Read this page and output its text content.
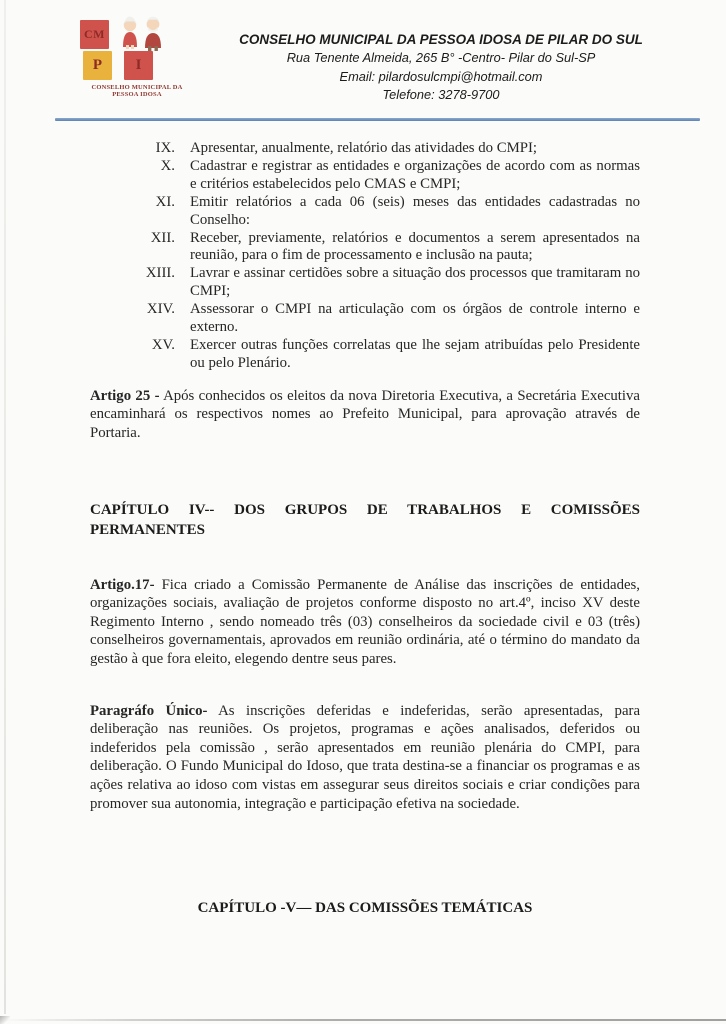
CM
P	I
CONSELHO MUNICIPAL DA
PESSOA IDOSA
CONSELHO MUNICIPAL DA PESSOA IDOSA DE PILAR DO SUL
Rua Tenente Almeida, 265 B° -Centro- Pilar do Sul-SP
Email: pilardosulcmpi@hotmail.com
Telefone: 3278-9700
IX. Apresentar, anualmente, relatório das atividades do CMPI;
X. Cadastrar e registrar as entidades e organizações de acordo com as normas e critérios estabelecidos pelo CMAS e CMPI;
XI. Emitir relatórios a cada 06 (seis) meses das entidades cadastradas no Conselho:
XII. Receber, previamente, relatórios e documentos a serem apresentados na reunião, para o fim de processamento e inclusão na pauta;
XIII. Lavrar e assinar certidões sobre a situação dos processos que tramitaram no CMPI;
XIV. Assessorar o CMPI na articulação com os órgãos de controle interno e externo.
XV. Exercer outras funções correlatas que lhe sejam atribuídas pelo Presidente ou pelo Plenário.

Artigo 25 - Após conhecidos os eleitos da nova Diretoria Executiva, a Secretária Executiva encaminhará os respectivos nomes ao Prefeito Municipal, para aprovação através de Portaria.

CAPÍTULO IV-- DOS GRUPOS DE TRABALHOS E COMISSÕES
PERMANENTES

Artigo.17- Fica criado a Comissão Permanente de Análise das inscrições de entidades, organizações sociais, avaliação de projetos conforme disposto no art.4º, inciso XV deste Regimento Interno , sendo nomeado três (03) conselheiros da sociedade civil e 03 (três) conselheiros governamentais, aprovados em reunião ordinária, até o término do mandato da gestão à que fora eleito, elegendo dentre seus pares.

Paragráfo Único- As inscrições deferidas e indeferidas, serão apresentadas, para deliberação nas reuniões. Os projetos, programas e ações analisados, deferidos ou indeferidos pela comissão , serão apresentados em reunião plenária do CMPI, para deliberação. O Fundo Municipal do Idoso, que trata destina-se a financiar os programas e as ações relativa ao idoso com vistas em assegurar seus direitos sociais e criar condições para promover sua autonomia, integração e participação efetiva na sociedade.

CAPÍTULO -V— DAS COMISSÕES TEMÁTICAS
